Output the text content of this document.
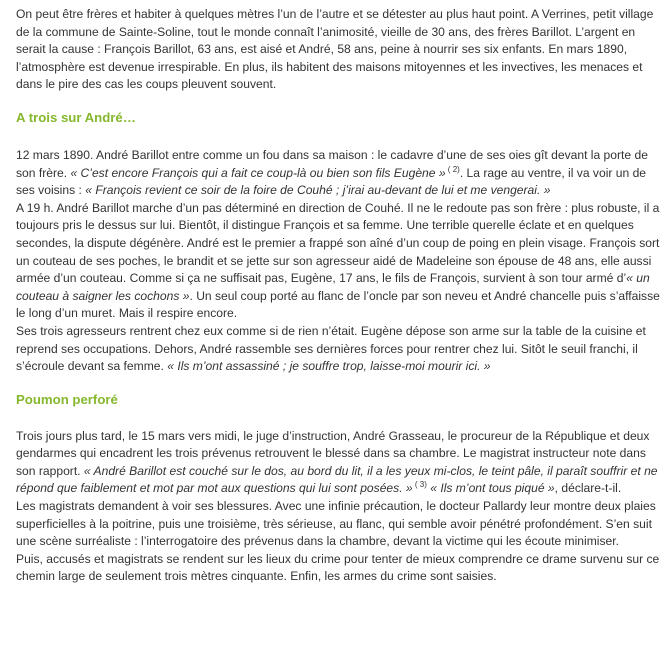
On peut être frères et habiter à quelques mètres l’un de l’autre et se détester au plus haut point. A Verrines, petit village de la commune de Sainte-Soline, tout le monde connaît l’animosité, vieille de 30 ans, des frères Barillot. L’argent en serait la cause : François Barillot, 63 ans, est aisé et André, 58 ans, peine à nourrir ses six enfants. En mars 1890, l’atmosphère est devenue irrespirable. En plus, ils habitent des maisons mitoyennes et les invectives, les menaces et dans le pire des cas les coups pleuvent souvent.

A trois sur André…

12 mars 1890. André Barillot entre comme un fou dans sa maison : le cadavre d’une de ses oies gît devant la porte de son frère. « C’est encore François qui a fait ce coup-là ou bien son fils Eugène » $^{( 2)}$. La rage au ventre, il va voir un de ses voisins : « François revient ce soir de la foire de Couhé ; j’irai au-devant de lui et me vengerai. »

A 19 h. André Barillot marche d’un pas déterminé en direction de Couhé. Il ne le redoute pas son frère : plus robuste, il a toujours pris le dessus sur lui. Bientôt, il distingue François et sa femme. Une terrible querelle éclate et en quelques secondes, la dispute dégénère. André est le premier a frappé son aîné d’un coup de poing en plein visage. François sort un couteau de ses poches, le brandit et se jette sur son agresseur aidé de Madeleine son épouse de 48 ans, elle aussi armée d’un couteau. Comme si ça ne suffisait pas, Eugène, 17 ans, le fils de François, survient à son tour armé d’« un couteau à saigner les cochons ». Un seul coup porté au flanc de l’oncle par son neveu et André chancelle puis s’affaisse le long d’un muret. Mais il respire encore.

Ses trois agresseurs rentrent chez eux comme si de rien n’était. Eugène dépose son arme sur la table de la cuisine et reprend ses occupations. Dehors, André rassemble ses dernières forces pour rentrer chez lui. Sitôt le seuil franchi, il s’écroule devant sa femme. « Ils m’ont assassiné ; je souffre trop, laisse-moi mourir ici. »

Poumon perforé

Trois jours plus tard, le 15 mars vers midi, le juge d’instruction, André Grasseau, le procureur de la République et deux gendarmes qui encadrent les trois prévenus retrouvent le blessé dans sa chambre. Le magistrat instructeur note dans son rapport. « André Barillot est couché sur le dos, au bord du lit, il a les yeux mi-clos, le teint pâle, il paraît souffrir et ne répond que faiblement et mot par mot aux questions qui lui sont posées. » $^{( 3)}$ « Ils m’ont tous piqué », déclare-t-il.

Les magistrats demandent à voir ses blessures. Avec une infinie précaution, le docteur Pallardy leur montre deux plaies superficielles à la poitrine, puis une troisième, très sérieuse, au flanc, qui semble avoir pénétré profondément. S’en suit une scène surréaliste : l’interrogatoire des prévenus dans la chambre, devant la victime qui les écoute minimiser.

Puis, accusés et magistrats se rendent sur les lieux du crime pour tenter de mieux comprendre ce drame survenu sur ce chemin large de seulement trois mètres cinquante. Enfin, les armes du crime sont saisies.
